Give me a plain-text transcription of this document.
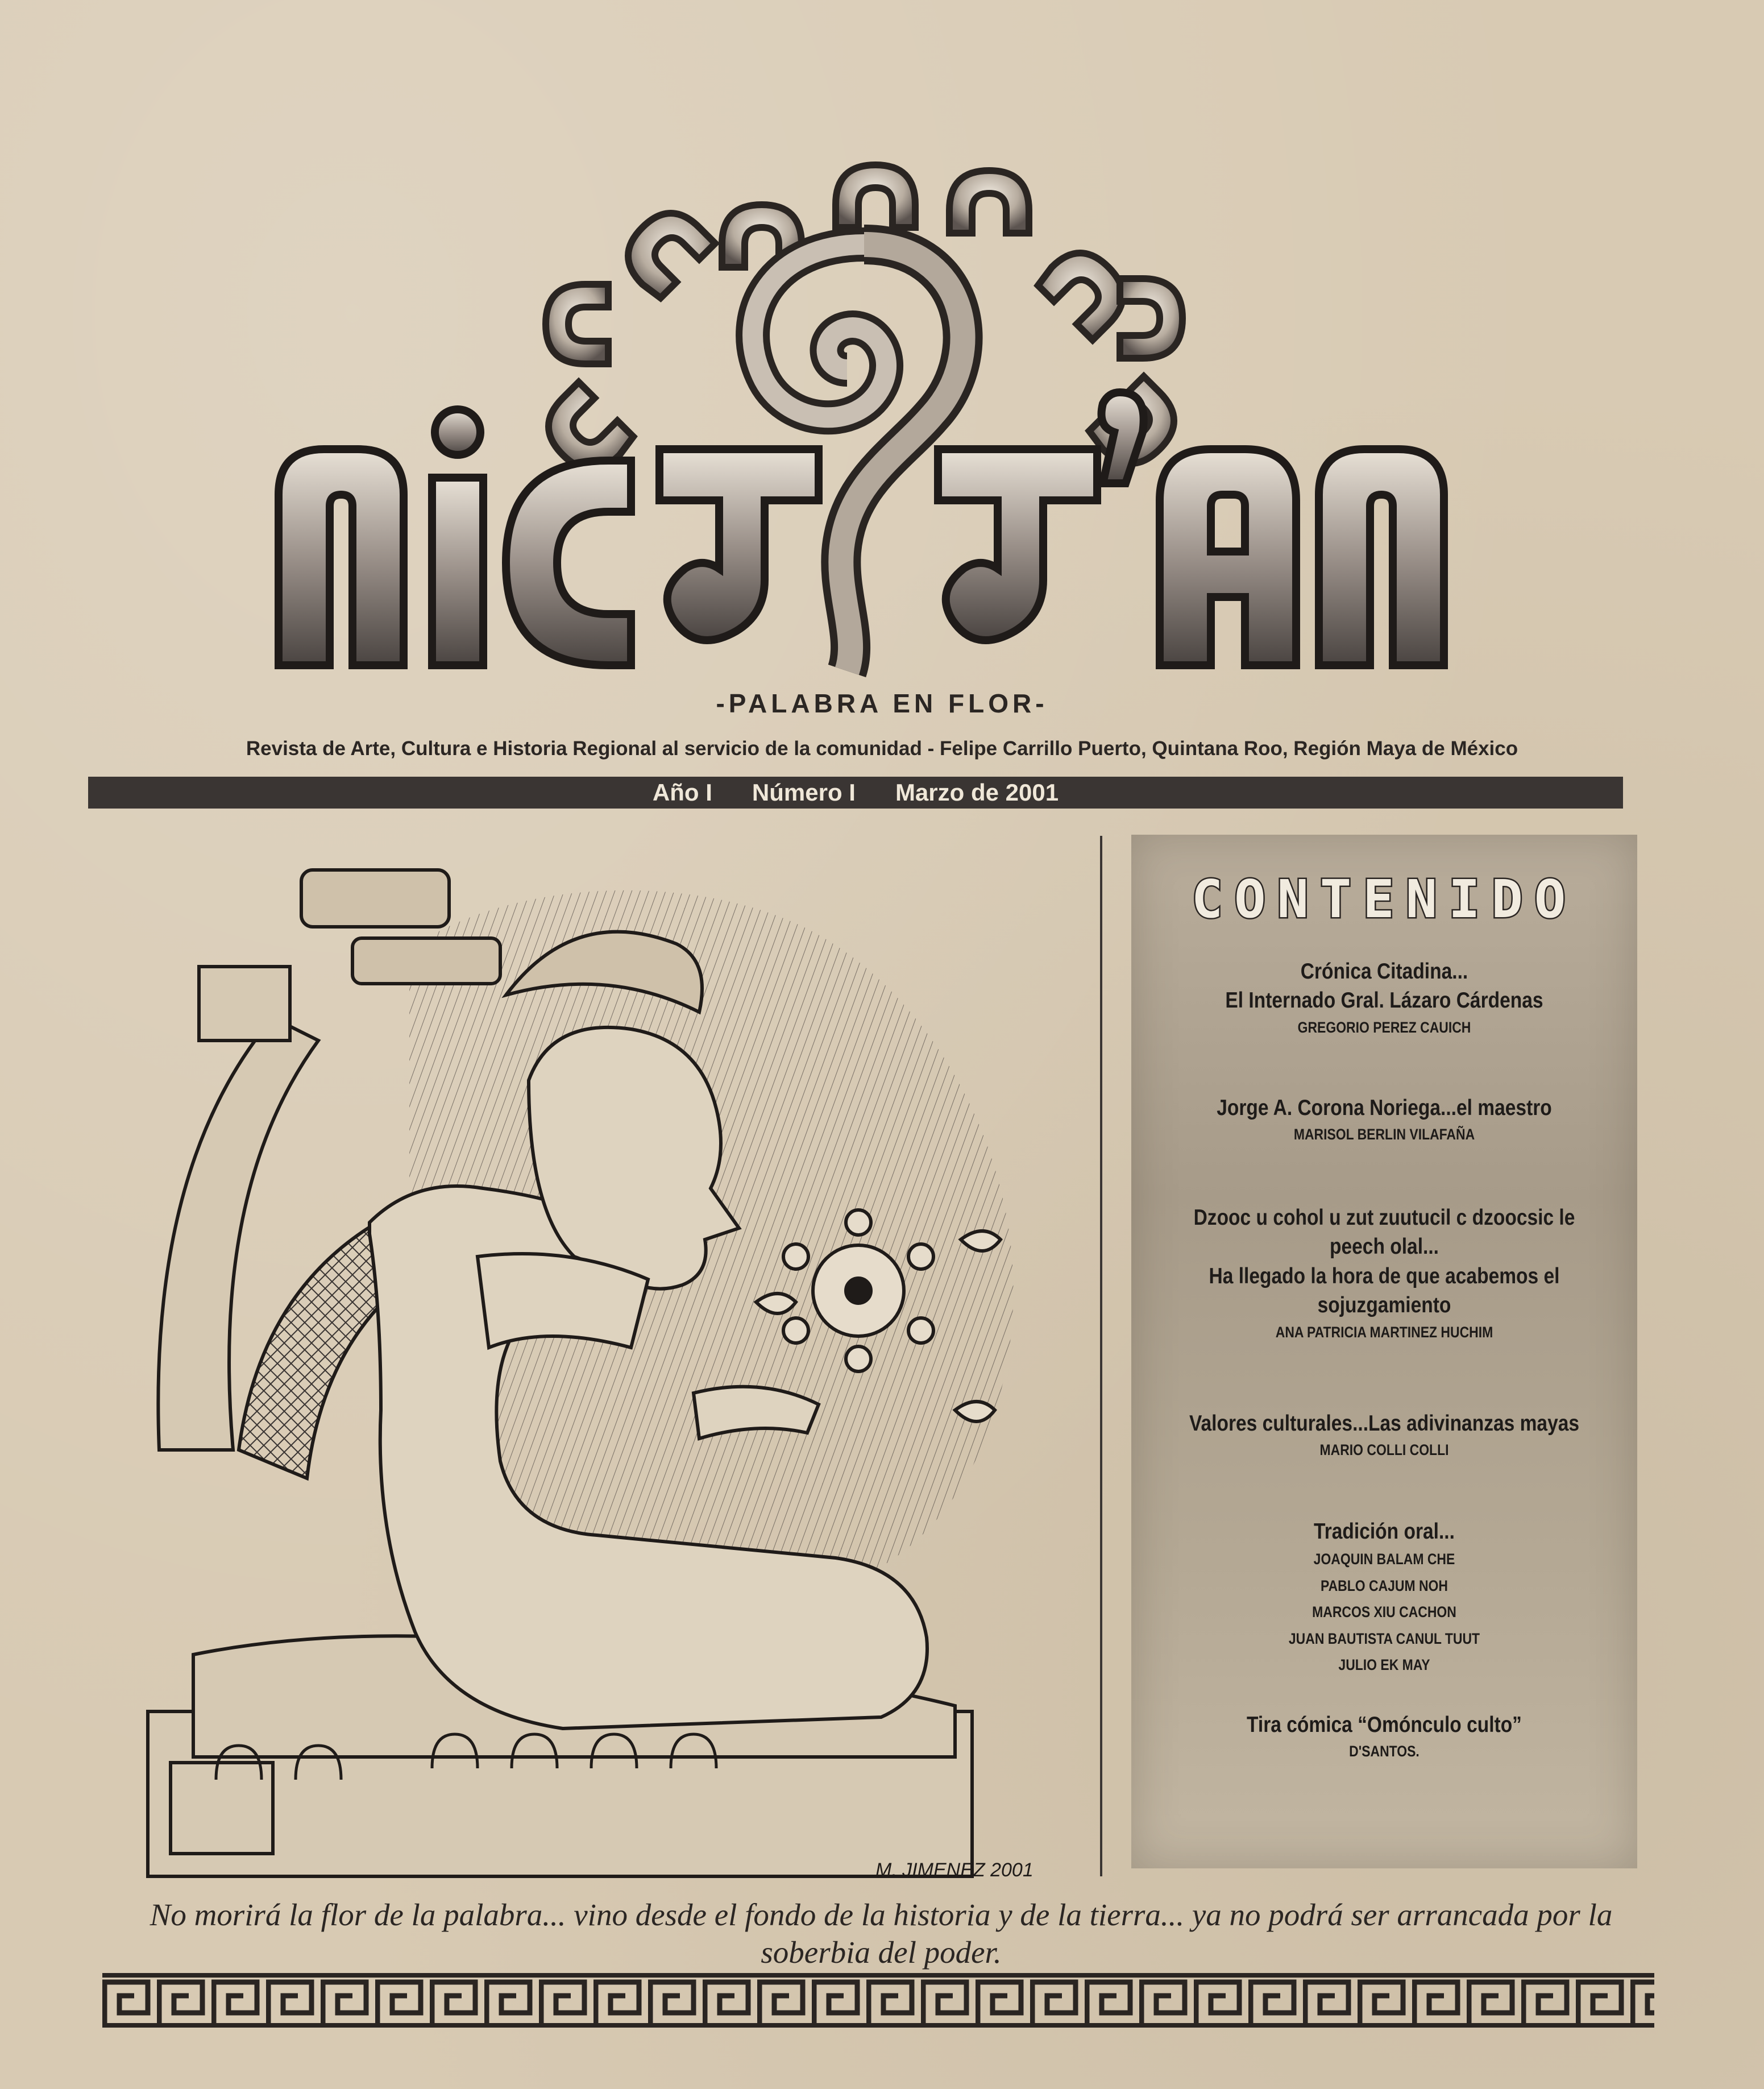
-PALABRA EN FLOR-
Revista de Arte, Cultura e Historia Regional al servicio de la comunidad - Felipe Carrillo Puerto, Quintana Roo, Región Maya de México
Año I Número I Marzo de 2001
M. JIMENEZ 2001
CONTENIDO
Crónica Citadina...
El Internado Gral. Lázaro Cárdenas
GREGORIO PEREZ CAUICH
Jorge A. Corona Noriega...el maestro
MARISOL BERLIN VILAFAÑA
Dzooc u cohol u zut zuutucil c dzoocsic le peech olal...
Ha llegado la hora de que acabemos el sojuzgamiento
ANA PATRICIA MARTINEZ HUCHIM
Valores culturales...Las adivinanzas mayas
MARIO COLLI COLLI
Tradición oral...
JOAQUIN BALAM CHE
PABLO CAJUM NOH
MARCOS XIU CACHON
JUAN BAUTISTA CANUL TUUT
JULIO EK MAY
Tira cómica “Omónculo culto”
D'SANTOS.
No morirá la flor de la palabra... vino desde el fondo de la historia y de la tierra... ya no podrá ser arrancada por la soberbia del poder.
